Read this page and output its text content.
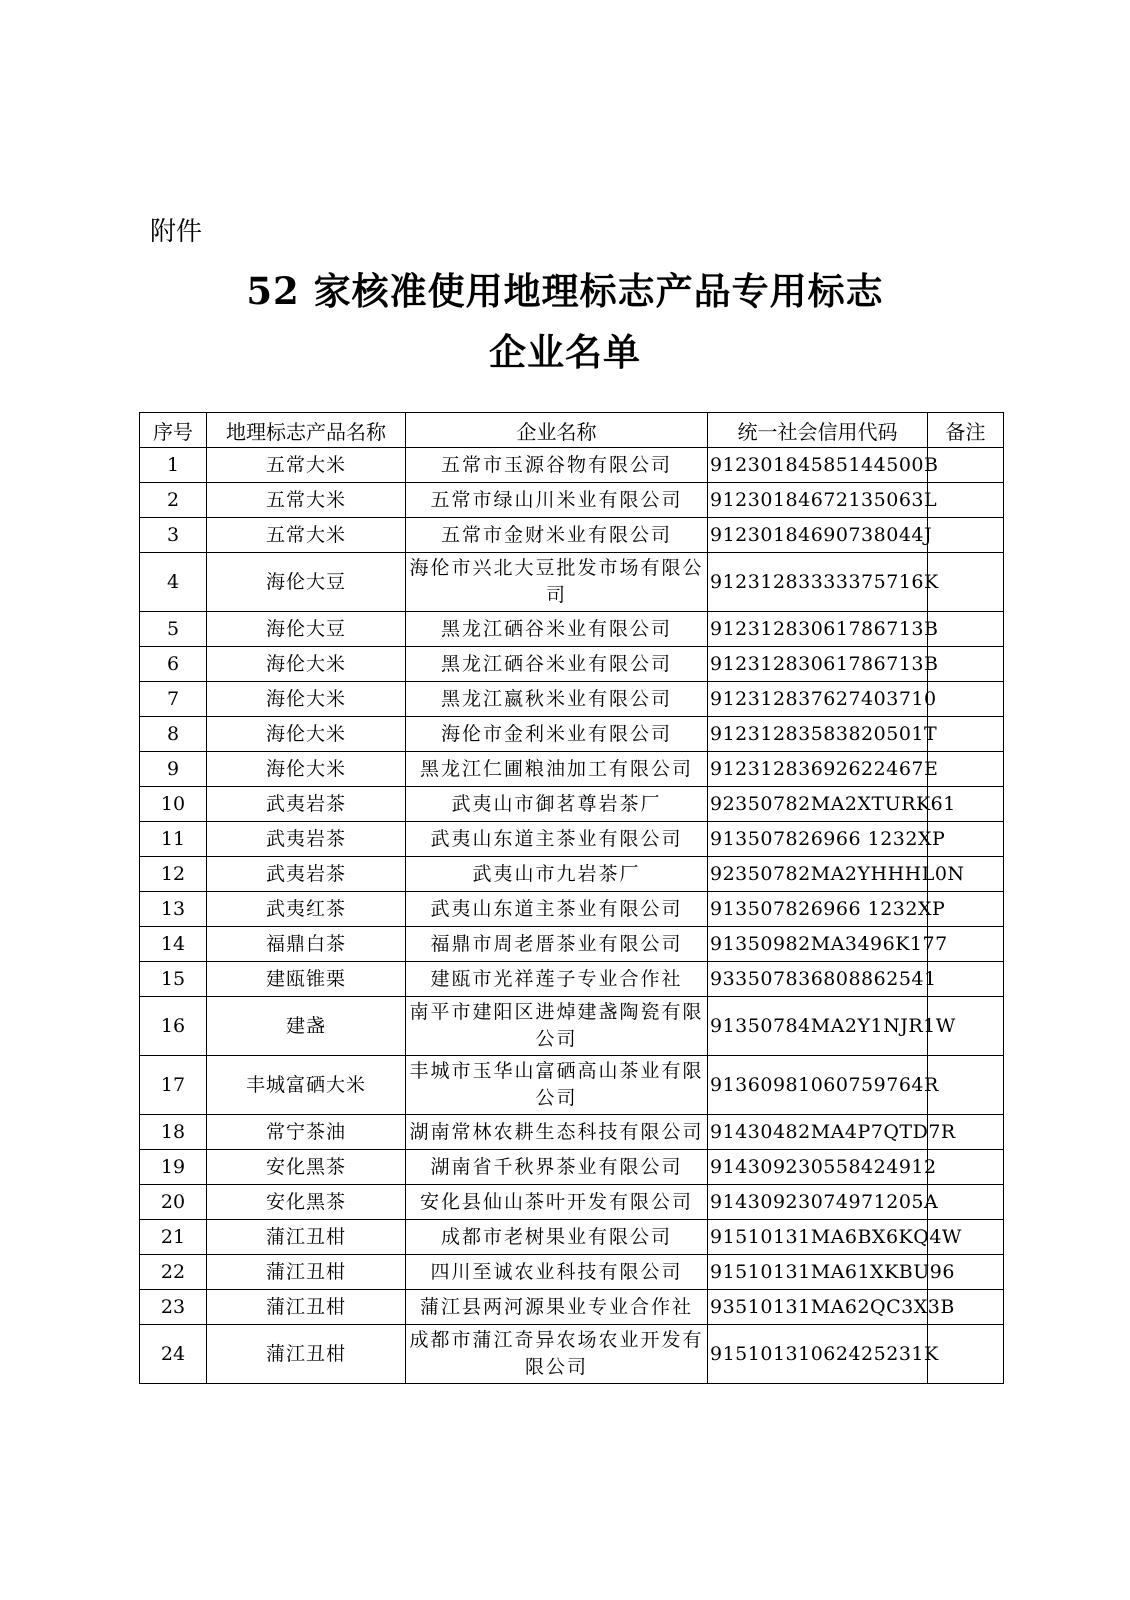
附件
52 家核准使用地理标志产品专用标志
企业名单
序号	地理标志产品名称	企业名称	统一社会信用代码	备注
1	五常大米	五常市玉源谷物有限公司	91230184585144500B	
2	五常大米	五常市绿山川米业有限公司	91230184672135063L	
3	五常大米	五常市金财米业有限公司	91230184690738044J	
4	海伦大豆	海伦市兴北大豆批发市场有限公司	91231283333375716K	
5	海伦大豆	黑龙江硒谷米业有限公司	91231283061786713B	
6	海伦大米	黑龙江硒谷米业有限公司	91231283061786713B	
7	海伦大米	黑龙江嬴秋米业有限公司	912312837627403710	
8	海伦大米	海伦市金利米业有限公司	91231283583820501T	
9	海伦大米	黑龙江仁圃粮油加工有限公司	91231283692622467E	
10	武夷岩茶	武夷山市御茗尊岩茶厂	92350782MA2XTURK61	
11	武夷岩茶	武夷山东道主茶业有限公司	913507826966 1232XP	
12	武夷岩茶	武夷山市九岩茶厂	92350782MA2YHHHL0N	
13	武夷红茶	武夷山东道主茶业有限公司	913507826966 1232XP	
14	福鼎白茶	福鼎市周老厝茶业有限公司	91350982MA3496K177	
15	建瓯锥栗	建瓯市光祥莲子专业合作社	933507836808862541	
16	建盏	南平市建阳区进焯建盏陶瓷有限公司	91350784MA2Y1NJR1W	
17	丰城富硒大米	丰城市玉华山富硒高山茶业有限公司	91360981060759764R	
18	常宁茶油	湖南常林农耕生态科技有限公司	91430482MA4P7QTD7R	
19	安化黑茶	湖南省千秋界茶业有限公司	914309230558424912	
20	安化黑茶	安化县仙山茶叶开发有限公司	91430923074971205A	
21	蒲江丑柑	成都市老树果业有限公司	91510131MA6BX6KQ4W	
22	蒲江丑柑	四川至诚农业科技有限公司	91510131MA61XKBU96	
23	蒲江丑柑	蒲江县两河源果业专业合作社	93510131MA62QC3X3B	
24	蒲江丑柑	成都市蒲江奇异农场农业开发有限公司	91510131062425231K	
